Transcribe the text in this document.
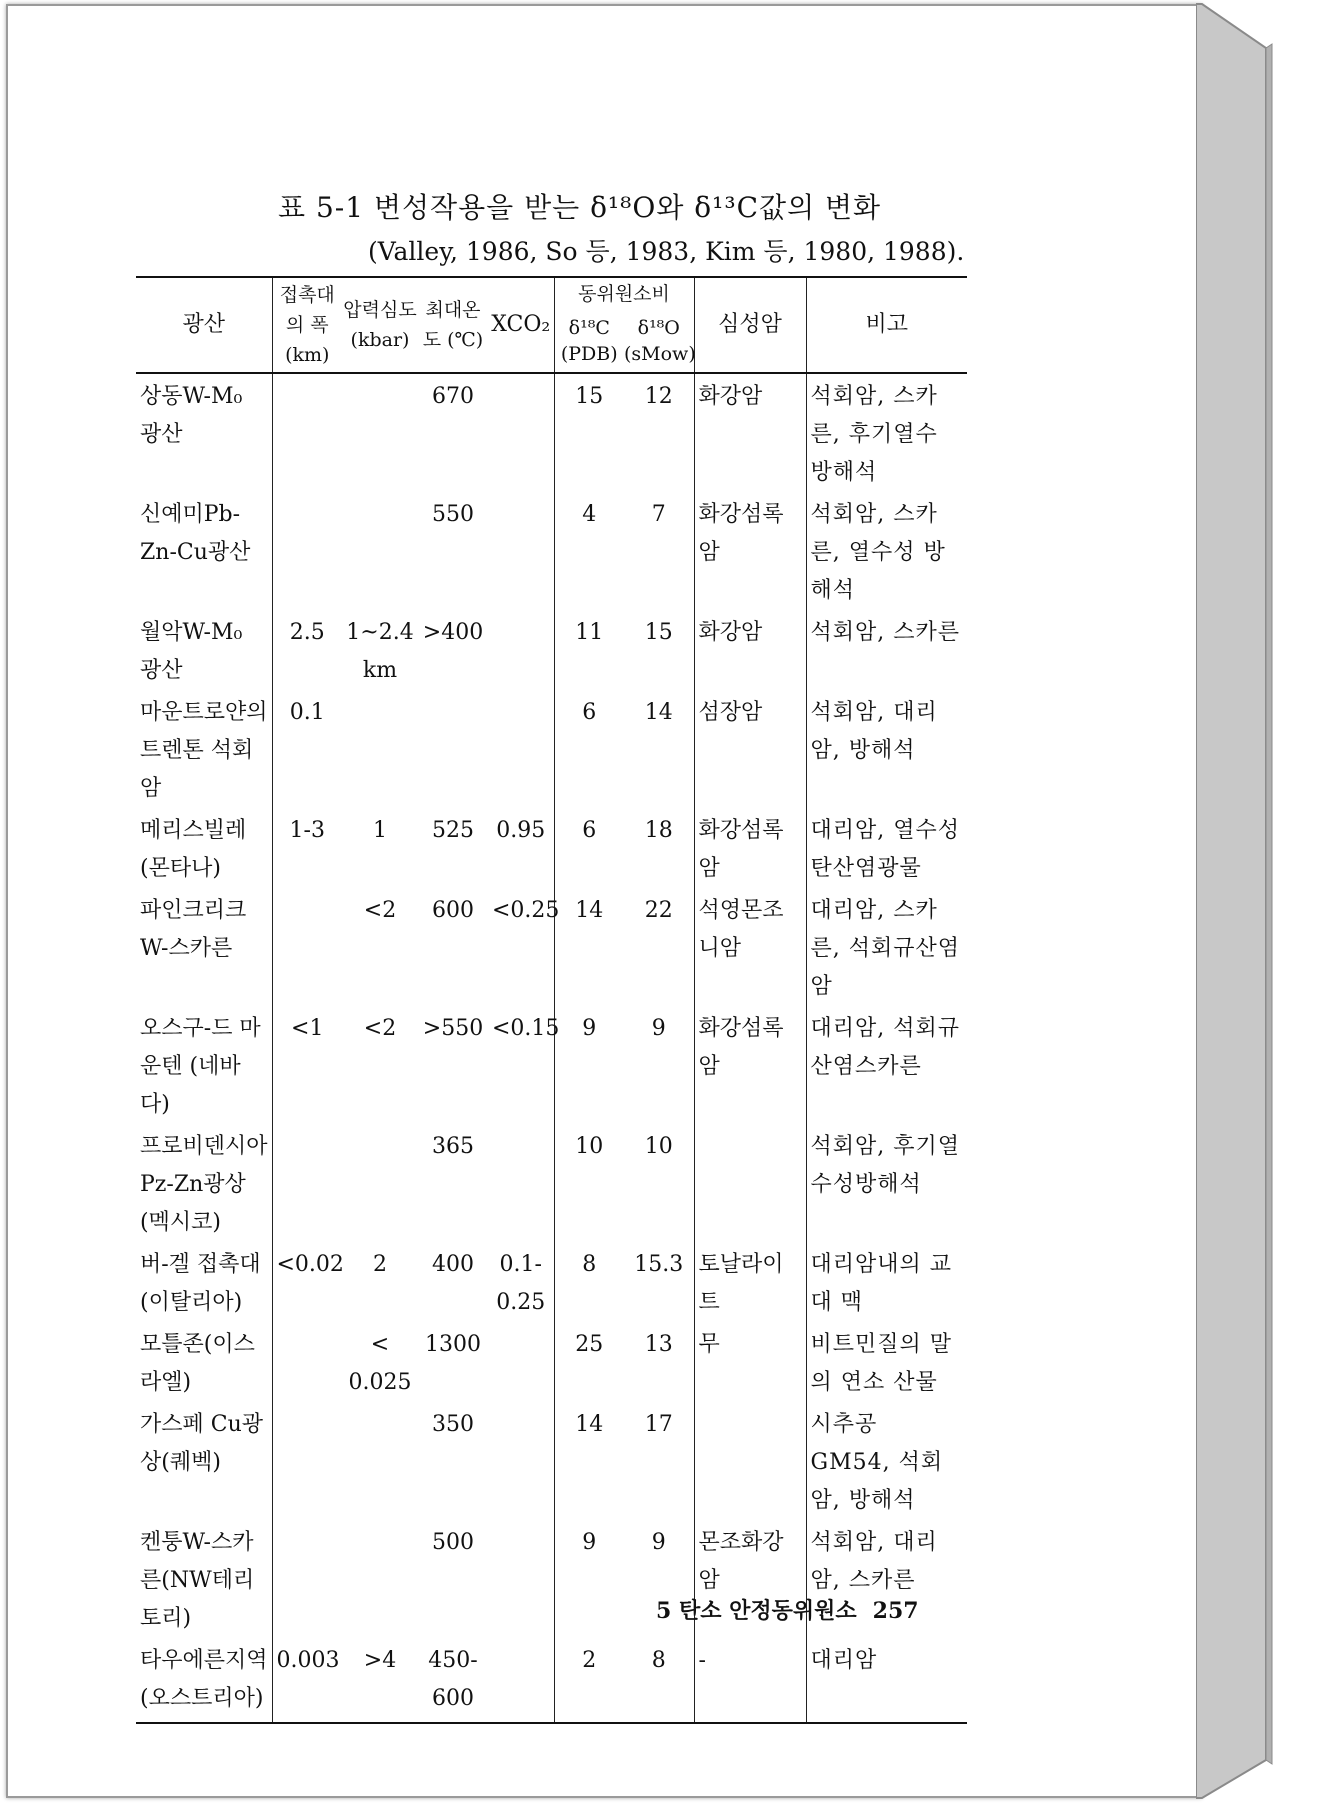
표 5-1 변성작용을 받는 δ¹⁸O와 δ¹³C값의 변화
(Valley, 1986, So 등, 1983, Kim 등, 1980, 1988).
광산	접촉대의 폭(km)	압력심도 (kbar)	최대온도 (℃)	XCO₂	동위원소비		심성암	비고
					δ¹⁸C (PDB)	δ¹⁸O (sMow)		
상동W-M₀ 광산			670		15	12	화강암	석회암, 스카른, 후기열수 방해석
신예미Pb- Zn-Cu광산			550		4	7	화강섬록암	석회암, 스카른, 열수성 방해석
월악W-M₀ 광산	2.5	1~2.4 km	>400		11	15	화강암	석회암, 스카른
마운트로얀의 트렌톤 석회암	0.1				6	14	섬장암	석회암, 대리암, 방해석
메리스빌레 (몬타나)	1-3	1	525	0.95	6	18	화강섬록암	대리암, 열수성탄산염광물
파인크리크 W-스카른		<2	600	<0.25	14	22	석영몬조니암	대리암, 스카른, 석회규산염암
오스구-드 마운텐 (네바다)	<1	<2	>550	<0.15	9	9	화강섬록암	대리암, 석회규산염스카른
프로비덴시아 Pz-Zn광상 (멕시코)			365		10	10		석회암, 후기열수성방해석
버-겔 접촉대 (이탈리아)	<0.02	2	400	0.1- 0.25	8	15.3	토날라이트	대리암내의 교대 맥
모틀존(이스라엘)		< 0.025	1300		25	13	무	비트민질의 말의 연소 산물
가스페 Cu광상(퀘벡)			350		14	17		시추공 GM54, 석회암, 방해석
켄퉁W-스카른(NW테리토리)			500		9	9	몬조화강암	석회암, 대리암, 스카른
타우에른지역 (오스트리아)	0.003	>4	450-600		2	8	-	대리암
5 탄소 안정동위원소 257
